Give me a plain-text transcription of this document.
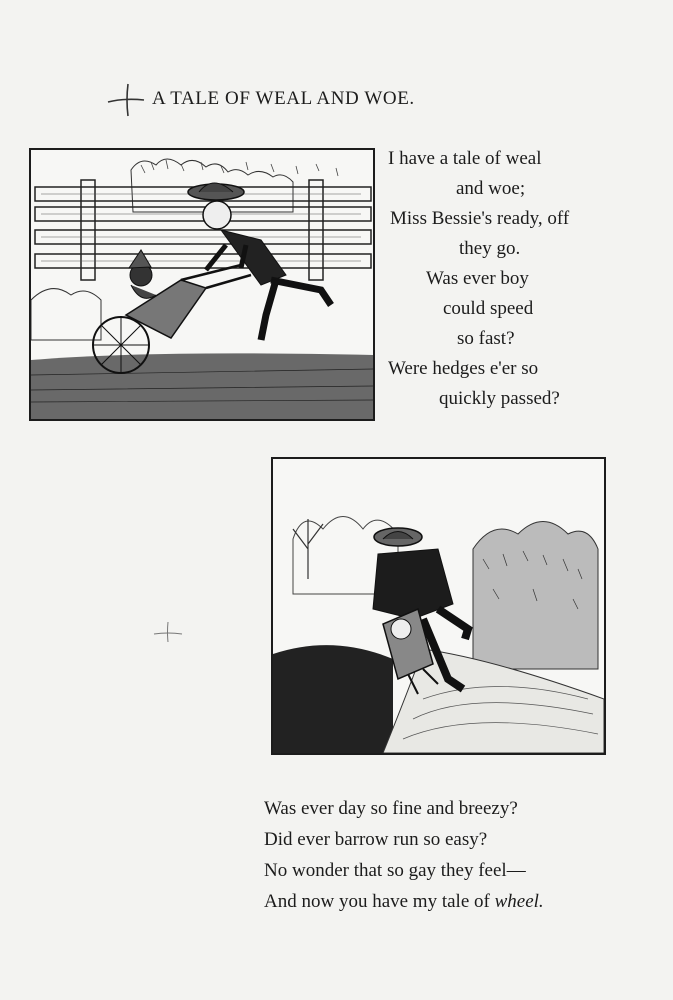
A TALE OF WEAL AND WOE.
I have a tale of weal
and woe;
Miss Bessie's ready, off
they go.
Was ever boy
could speed
so fast?
Were hedges e'er so
quickly passed?
Was ever day so fine and breezy?
Did ever barrow run so easy?
No wonder that so gay they feel—
And now you have my tale of wheel.
